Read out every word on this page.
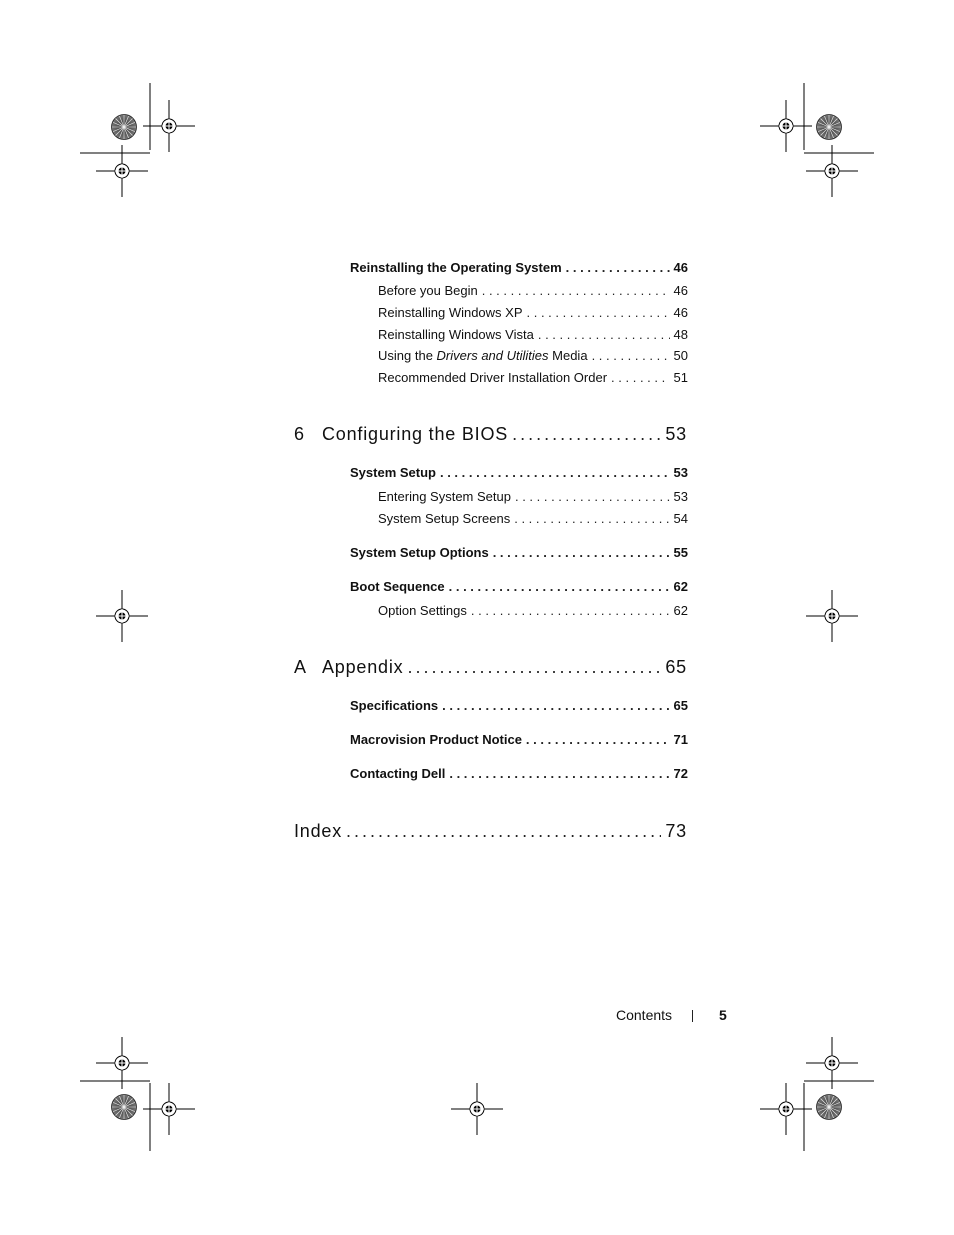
Reinstalling the Operating System . .	46
Before you Begin . .	46
Reinstalling Windows XP . .	46
Reinstalling Windows Vista . .	48
Using the Drivers and Utilities Media . .	50
Recommended Driver Installation Order . .	51
6 Configuring the BIOS . .	53
System Setup . .	53
Entering System Setup . .	53
System Setup Screens . .	54
System Setup Options . .	55
Boot Sequence . .	62
Option Settings . .	62
A Appendix . .	65
Specifications . .	65
Macrovision Product Notice . .	71
Contacting Dell . .	72
Index . .	73
Contents	5
